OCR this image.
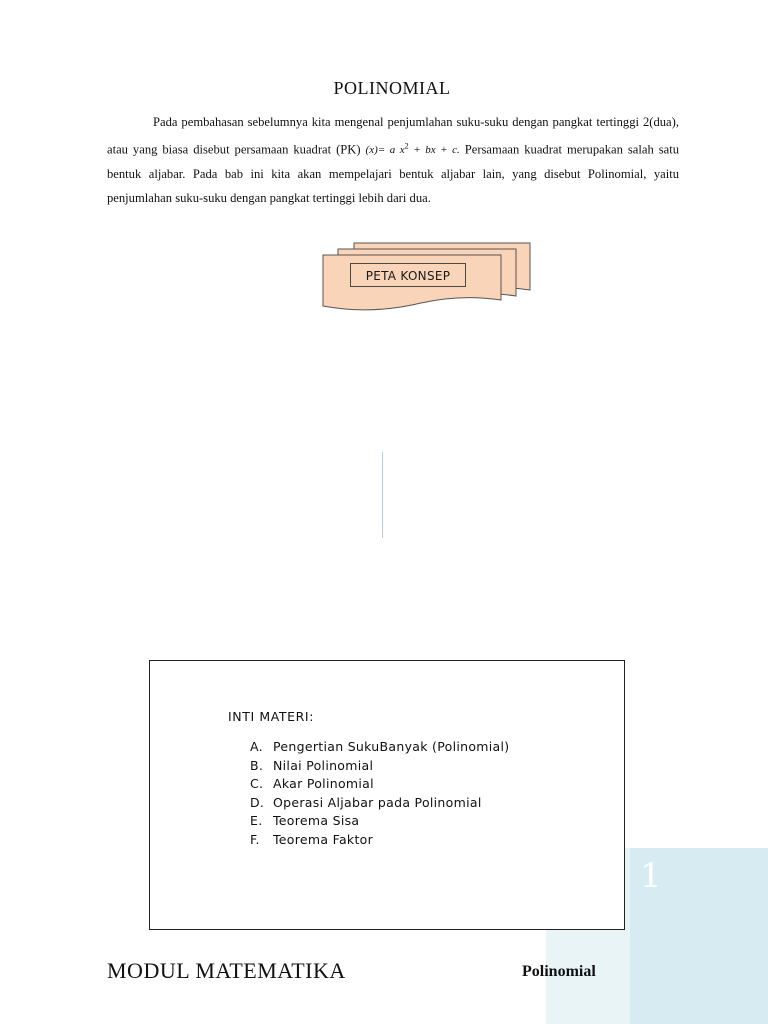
1
POLINOMIAL

Pada pembahasan sebelumnya kita mengenal penjumlahan suku-suku dengan pangkat tertinggi 2(dua), atau yang biasa disebut persamaan kuadrat (PK) (x)= a $x^2$ + bx + c. Persamaan kuadrat merupakan salah satu bentuk aljabar. Pada bab ini kita akan mempelajari bentuk aljabar lain, yang disebut Polinomial, yaitu penjumlahan suku-suku dengan pangkat tertinggi lebih dari dua.

PETA KONSEP
INTI MATERI:
A. Pengertian SukuBanyak (Polinomial)
B. Nilai Polinomial
C. Akar Polinomial
D. Operasi Aljabar pada Polinomial
E. Teorema Sisa
F.	Teorema Faktor
MODUL MATEMATIKA	Polinomial
